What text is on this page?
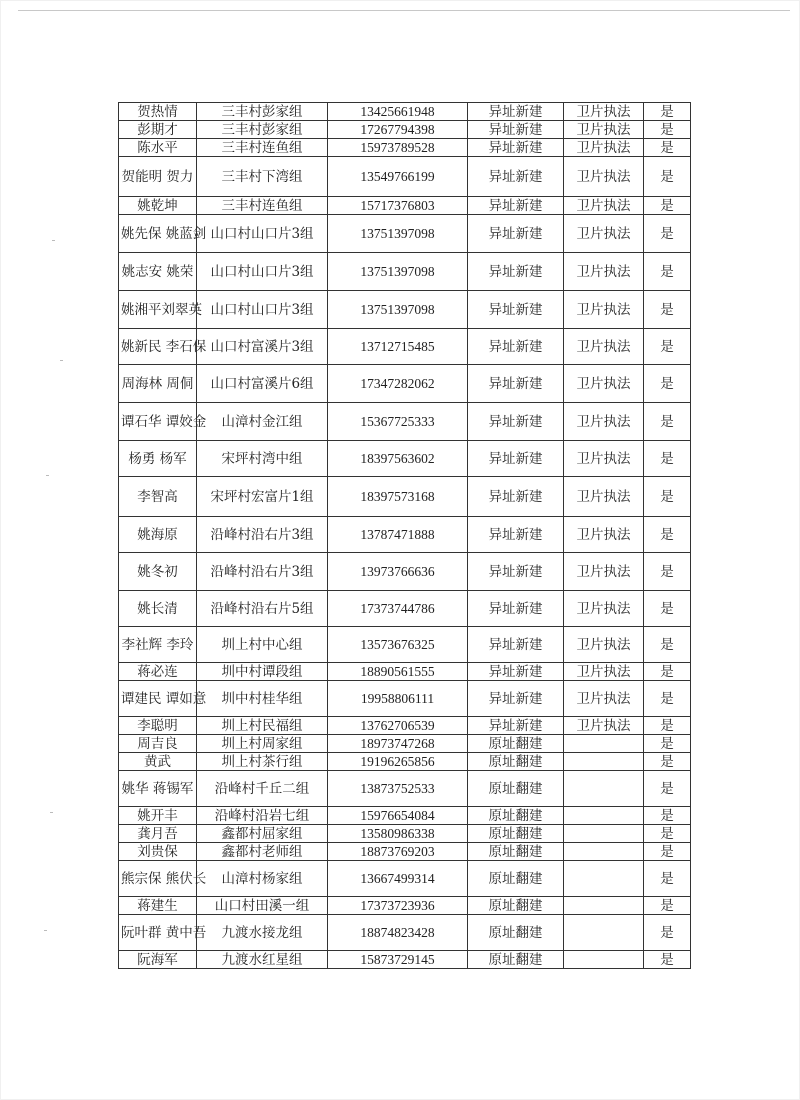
贺热情	三丰村彭家组	13425661948	异址新建	卫片执法	是
彭期才	三丰村彭家组	17267794398	异址新建	卫片执法	是
陈水平	三丰村连鱼组	15973789528	异址新建	卫片执法	是
贺能明 贺力	三丰村下湾组	13549766199	异址新建	卫片执法	是
姚乾坤	三丰村连鱼组	15717376803	异址新建	卫片执法	是
姚先保 姚蓝剑	山口村山口片3组	13751397098	异址新建	卫片执法	是
姚志安 姚荣	山口村山口片3组	13751397098	异址新建	卫片执法	是
姚湘平刘翠英	山口村山口片3组	13751397098	异址新建	卫片执法	是
姚新民 李石保	山口村富溪片3组	13712715485	异址新建	卫片执法	是
周海林 周侗	山口村富溪片6组	17347282062	异址新建	卫片执法	是
谭石华 谭姣金	山漳村金江组	15367725333	异址新建	卫片执法	是
杨勇 杨军	宋坪村湾中组	18397563602	异址新建	卫片执法	是
李智高	宋坪村宏富片1组	18397573168	异址新建	卫片执法	是
姚海原	沿峰村沿右片3组	13787471888	异址新建	卫片执法	是
姚冬初	沿峰村沿右片3组	13973766636	异址新建	卫片执法	是
姚长清	沿峰村沿右片5组	17373744786	异址新建	卫片执法	是
李社辉 李玲	圳上村中心组	13573676325	异址新建	卫片执法	是
蒋必连	圳中村谭段组	18890561555	异址新建	卫片执法	是
谭建民 谭如意	圳中村桂华组	19958806111	异址新建	卫片执法	是
李聪明	圳上村民福组	13762706539	异址新建	卫片执法	是
周吉良	圳上村周家组	18973747268	原址翻建		是
黄武	圳上村茶行组	19196265856	原址翻建		是
姚华 蒋锡军	沿峰村千丘二组	13873752533	原址翻建		是
姚开丰	沿峰村沿岩七组	15976654084	原址翻建		是
龚月吾	鑫都村屈家组	13580986338	原址翻建		是
刘贵保	鑫都村老师组	18873769203	原址翻建		是
熊宗保 熊伏长	山漳村杨家组	13667499314	原址翻建		是
蒋建生	山口村田溪一组	17373723936	原址翻建		是
阮叶群 黄中吾	九渡水接龙组	18874823428	原址翻建		是
阮海军	九渡水红星组	15873729145	原址翻建		是
